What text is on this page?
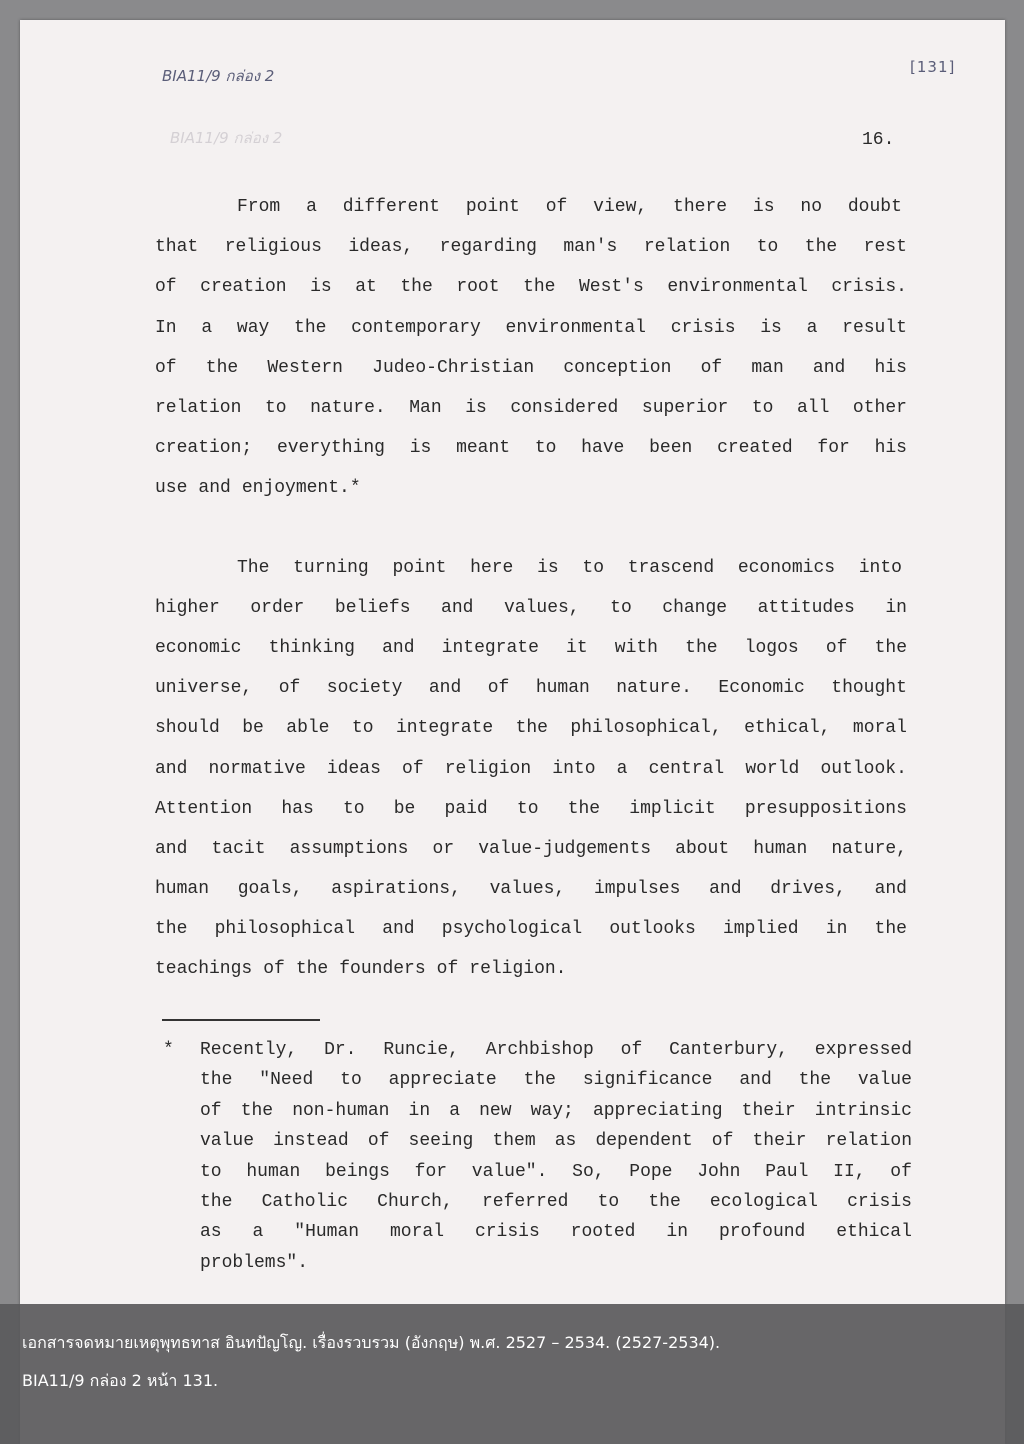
BIA11/9 กล่อง 2
BIA11/9 กล่อง 2
[131]
16.
From a different point of view, there is no doubt
that religious ideas, regarding man's relation to the rest
of creation is at the root the West's environmental crisis.
In a way the contemporary environmental crisis is a result
of the Western Judeo-Christian conception of man and his
relation to nature. Man is considered superior to all other
creation; everything is meant to have been created for his
use and enjoyment.*
The turning point here is to trascend economics into
higher order beliefs and values, to change attitudes in
economic thinking and integrate it with the logos of the
universe, of society and of human nature. Economic thought
should be able to integrate the philosophical, ethical, moral
and normative ideas of religion into a central world outlook.
Attention has to be paid to the implicit presuppositions
and tacit assumptions or value-judgements about human nature,
human goals, aspirations, values, impulses and drives, and
the philosophical and psychological outlooks implied in the
teachings of the founders of religion.
* Recently, Dr. Runcie, Archbishop of Canterbury, expressed
the "Need to appreciate the significance and the value
of the non-human in a new way; appreciating their intrinsic
value instead of seeing them as dependent of their relation
to human beings for value". So, Pope John Paul II, of
the Catholic Church, referred to the ecological crisis
as a "Human moral crisis rooted in profound ethical
problems".
เอกสารจดหมายเหตุพุทธทาส อินทปัญโญ. เรื่องรวบรวม (อังกฤษ) พ.ศ. 2527 – 2534. (2527-2534).
BIA11/9 กล่อง 2 หน้า 131.
